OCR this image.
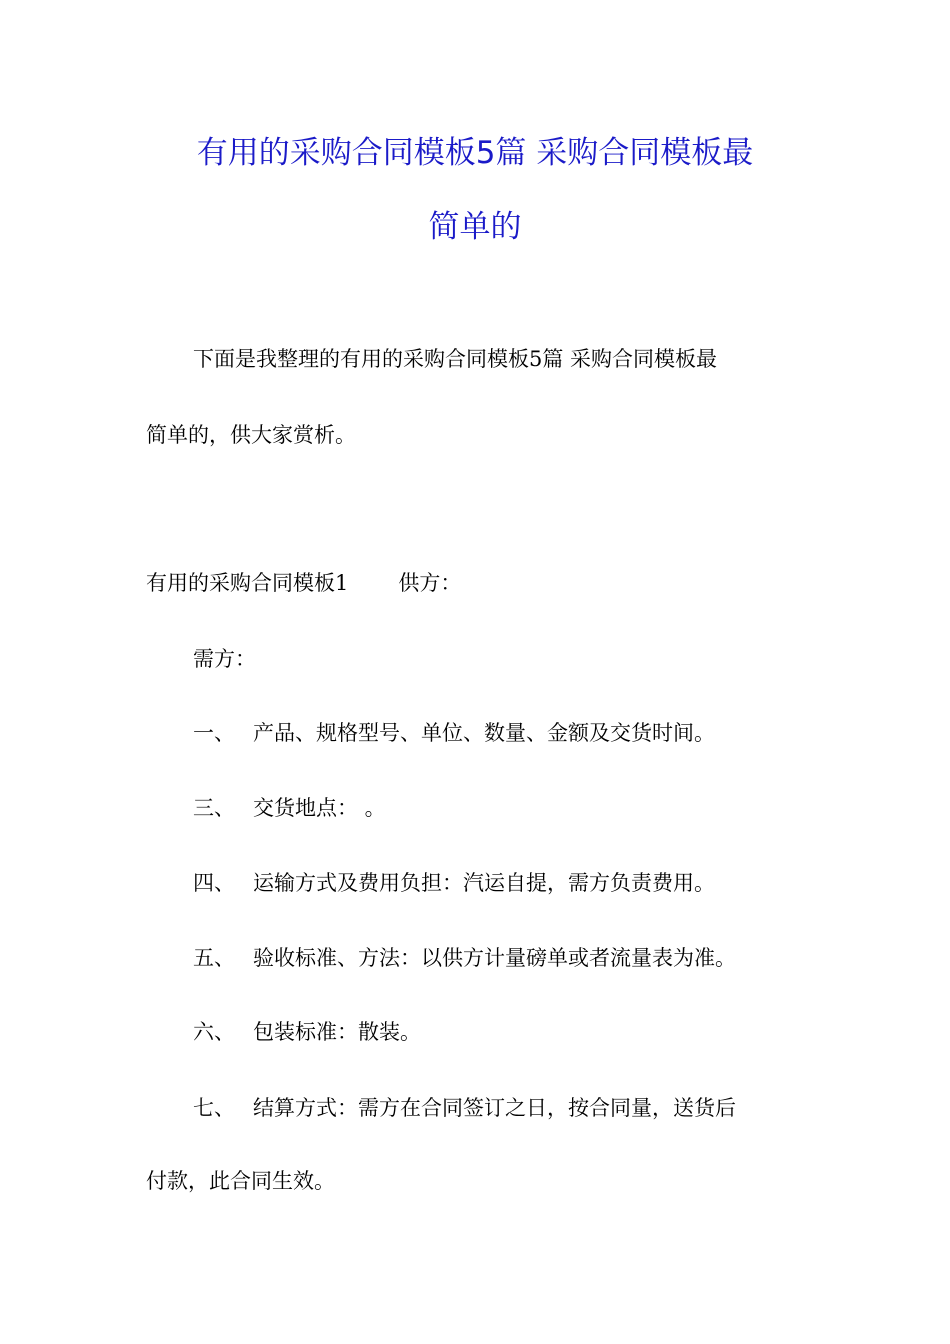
有用的采购合同模板5篇 采购合同模板最
简单的
下面是我整理的有用的采购合同模板5篇 采购合同模板最
简单的，供大家赏析。
有用的采购合同模板1 供方：
需方：
一、 产品、规格型号、单位、数量、金额及交货时间。
三、 交货地点： 。
四、 运输方式及费用负担：汽运自提，需方负责费用。
五、 验收标准、方法：以供方计量磅单或者流量表为准。
六、 包装标准：散装。
七、 结算方式：需方在合同签订之日，按合同量，送货后
付款，此合同生效。
